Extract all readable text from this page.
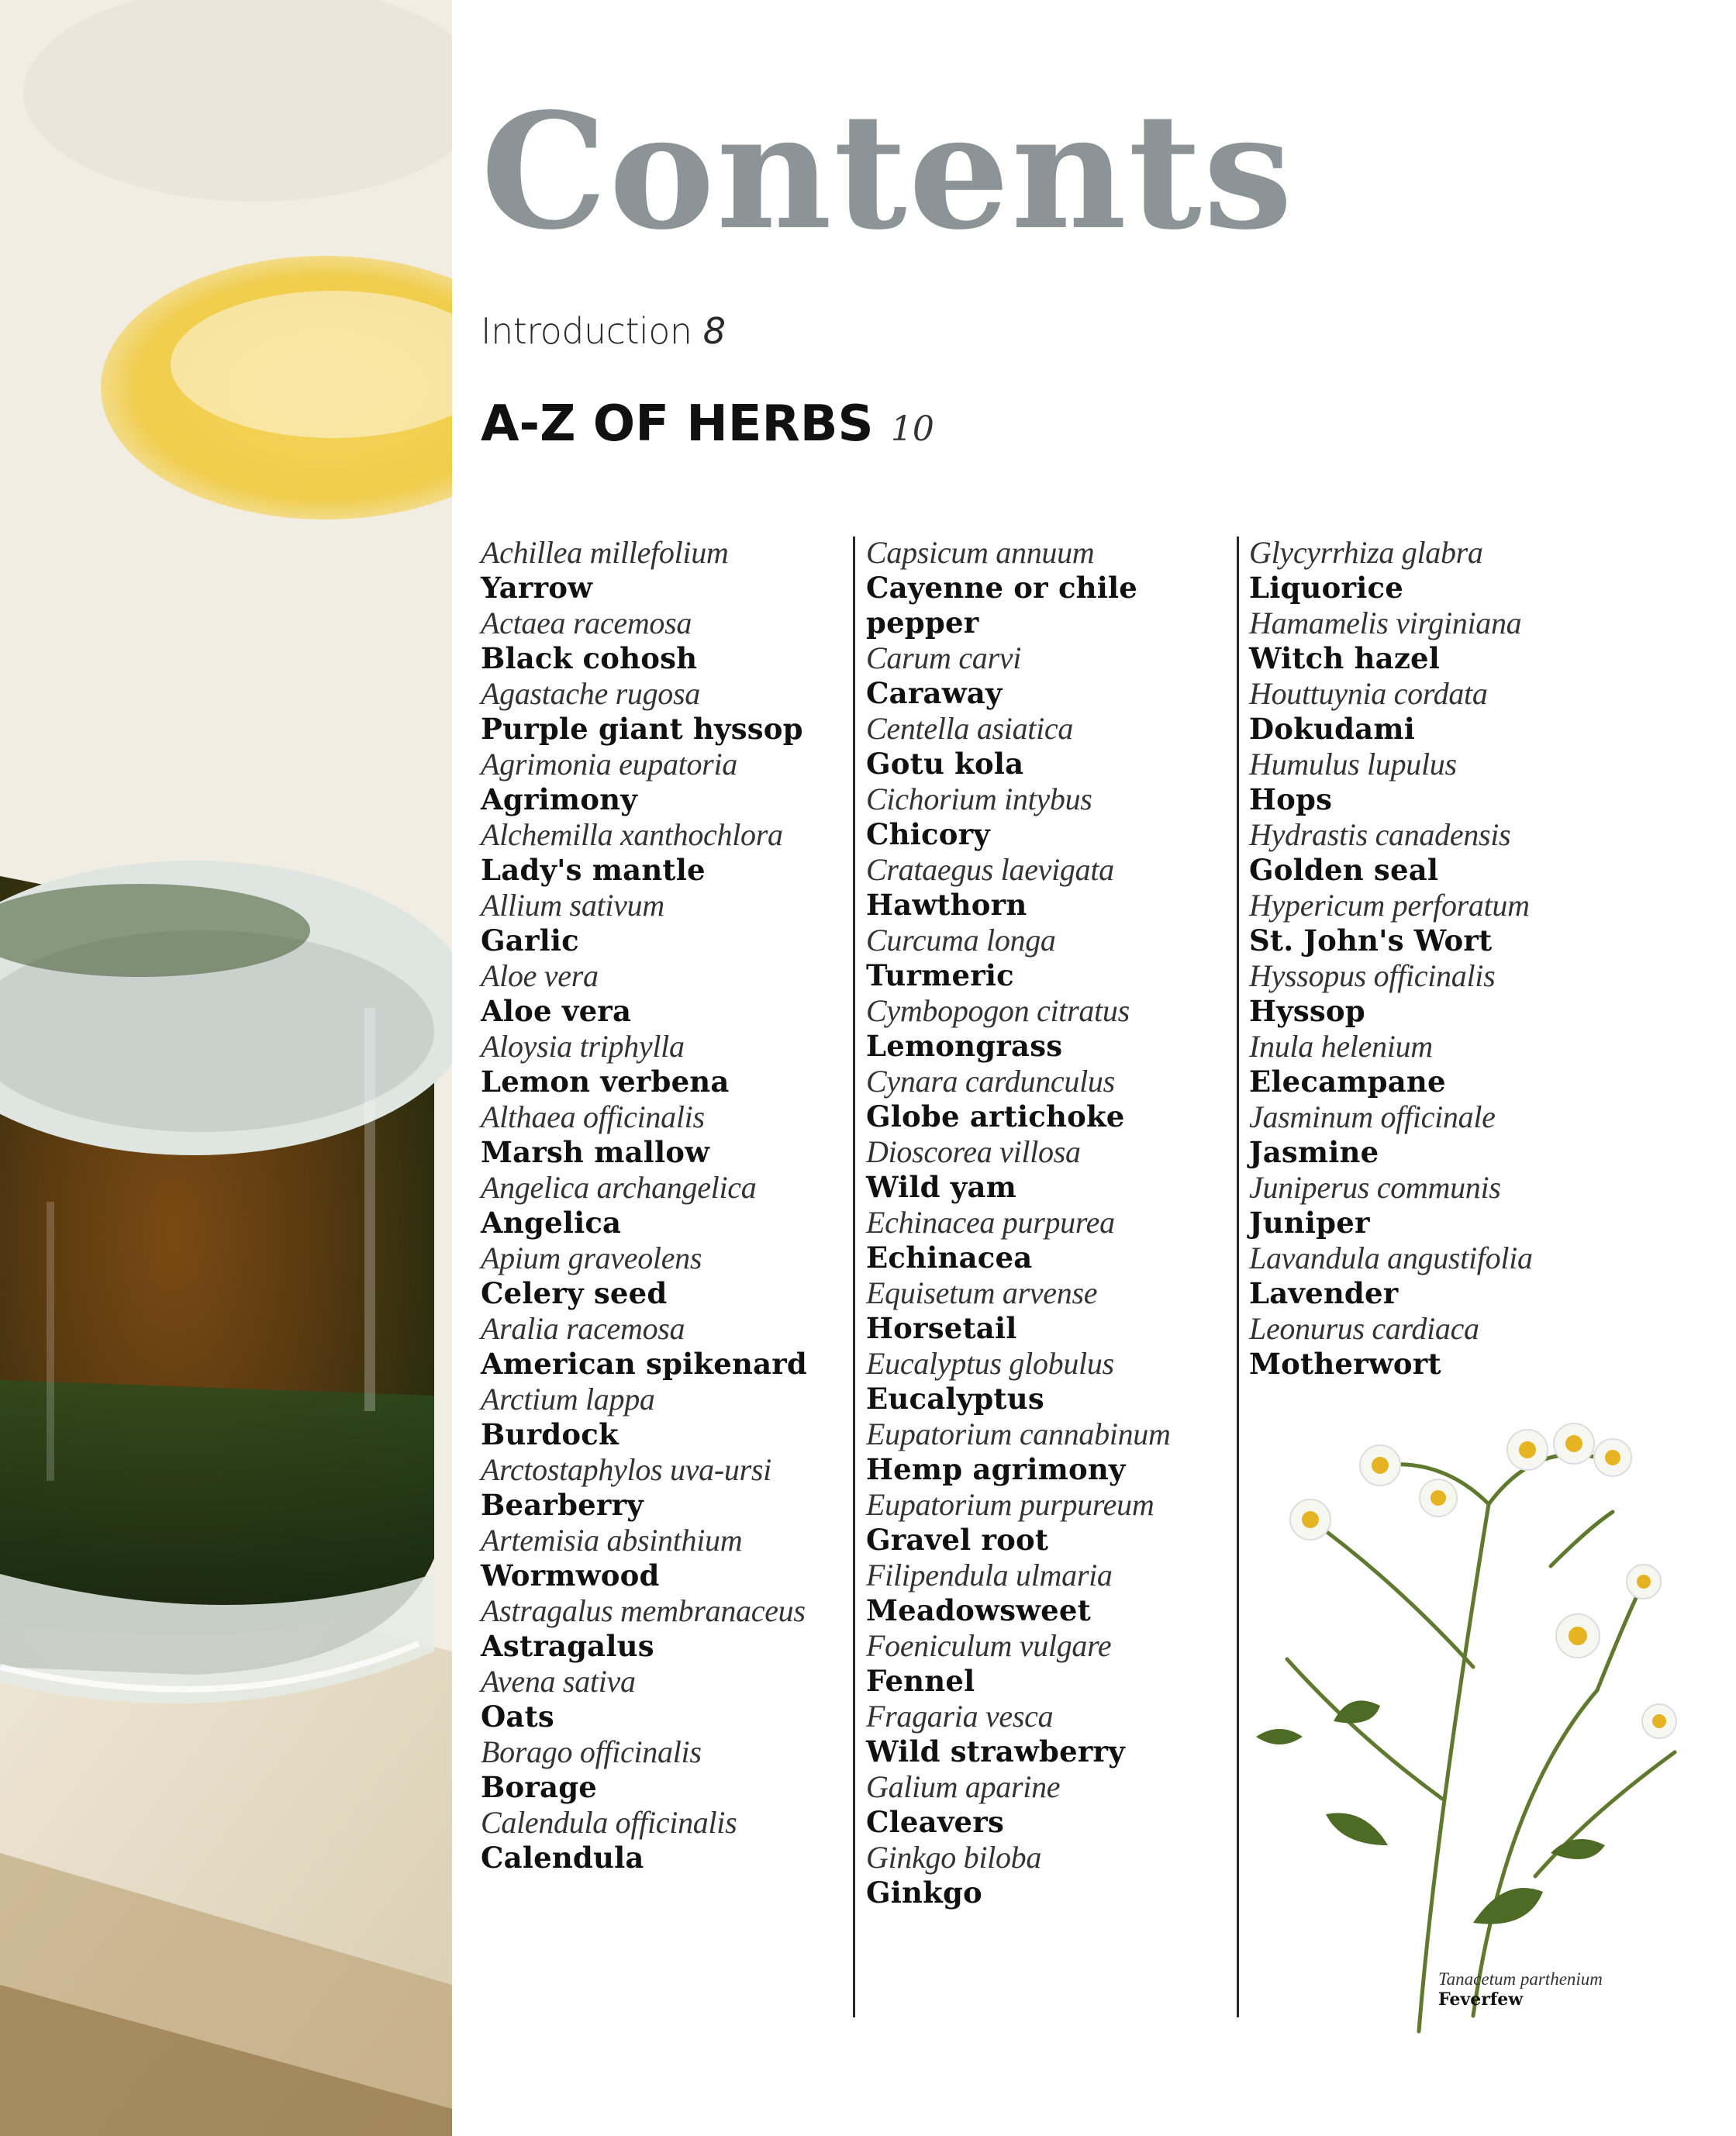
Contents
Introduction 8
A-Z OF HERBS 10
Achillea millefolium
Yarrow
Actaea racemosa
Black cohosh
Agastache rugosa
Purple giant hyssop
Agrimonia eupatoria
Agrimony
Alchemilla xanthochlora
Lady's mantle
Allium sativum
Garlic
Aloe vera
Aloe vera
Aloysia triphylla
Lemon verbena
Althaea officinalis
Marsh mallow
Angelica archangelica
Angelica
Apium graveolens
Celery seed
Aralia racemosa
American spikenard
Arctium lappa
Burdock
Arctostaphylos uva-ursi
Bearberry
Artemisia absinthium
Wormwood
Astragalus membranaceus
Astragalus
Avena sativa
Oats
Borago officinalis
Borage
Calendula officinalis
Calendula
Capsicum annuum
Cayenne or chile pepper
Carum carvi
Caraway
Centella asiatica
Gotu kola
Cichorium intybus
Chicory
Crataegus laevigata
Hawthorn
Curcuma longa
Turmeric
Cymbopogon citratus
Lemongrass
Cynara cardunculus
Globe artichoke
Dioscorea villosa
Wild yam
Echinacea purpurea
Echinacea
Equisetum arvense
Horsetail
Eucalyptus globulus
Eucalyptus
Eupatorium cannabinum
Hemp agrimony
Eupatorium purpureum
Gravel root
Filipendula ulmaria
Meadowsweet
Foeniculum vulgare
Fennel
Fragaria vesca
Wild strawberry
Galium aparine
Cleavers
Ginkgo biloba
Ginkgo
Glycyrrhiza glabra
Liquorice
Hamamelis virginiana
Witch hazel
Houttuynia cordata
Dokudami
Humulus lupulus
Hops
Hydrastis canadensis
Golden seal
Hypericum perforatum
St. John's Wort
Hyssopus officinalis
Hyssop
Inula helenium
Elecampane
Jasminum officinale
Jasmine
Juniperus communis
Juniper
Lavandula angustifolia
Lavender
Leonurus cardiaca
Motherwort
Tanacetum parthenium
Feverfew
